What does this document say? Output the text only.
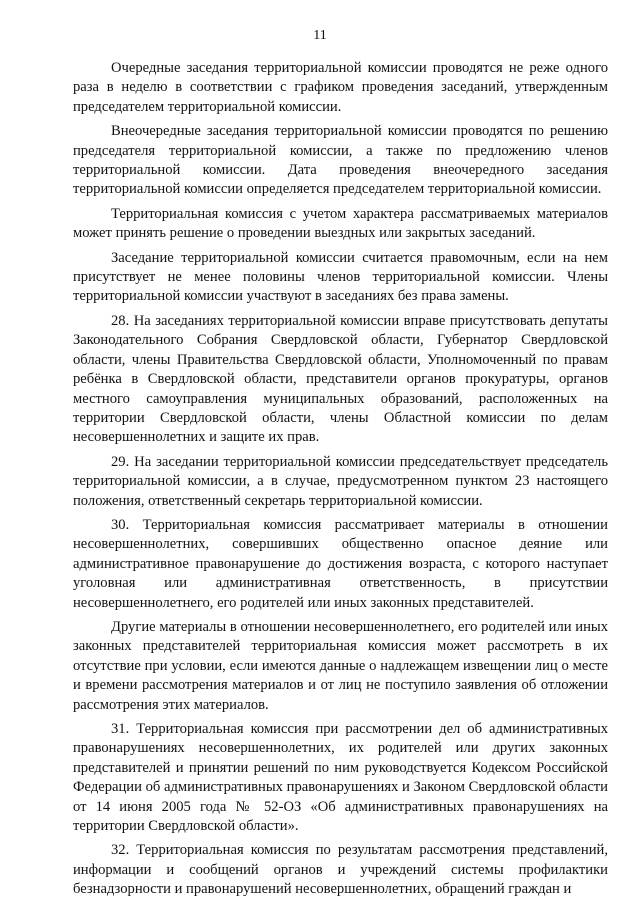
11

Очередные заседания территориальной комиссии проводятся не реже одного раза в неделю в соответствии с графиком проведения заседаний, утвержденным председателем территориальной комиссии.

Внеочередные заседания территориальной комиссии проводятся по решению председателя территориальной комиссии, а также по предложению членов территориальной комиссии. Дата проведения внеочередного заседания территориальной комиссии определяется председателем территориальной комиссии.

Территориальная комиссия с учетом характера рассматриваемых материалов может принять решение о проведении выездных или закрытых заседаний.

Заседание территориальной комиссии считается правомочным, если на нем присутствует не менее половины членов территориальной комиссии. Члены территориальной комиссии участвуют в заседаниях без права замены.

28. На заседаниях территориальной комиссии вправе присутствовать депутаты Законодательного Собрания Свердловской области, Губернатор Свердловской области, члены Правительства Свердловской области, Уполномоченный по правам ребёнка в Свердловской области, представители органов прокуратуры, органов местного самоуправления муниципальных образований, расположенных на территории Свердловской области, члены Областной комиссии по делам несовершеннолетних и защите их прав.

29. На заседании территориальной комиссии председательствует председатель территориальной комиссии, а в случае, предусмотренном пунктом 23 настоящего положения, ответственный секретарь территориальной комиссии.

30. Территориальная комиссия рассматривает материалы в отношении несовершеннолетних, совершивших общественно опасное деяние или административное правонарушение до достижения возраста, с которого наступает уголовная или административная ответственность, в присутствии несовершеннолетнего, его родителей или иных законных представителей.

Другие материалы в отношении несовершеннолетнего, его родителей или иных законных представителей территориальная комиссия может рассмотреть в их отсутствие при условии, если имеются данные о надлежащем извещении лиц о месте и времени рассмотрения материалов и от лиц не поступило заявления об отложении рассмотрения этих материалов.

31. Территориальная комиссия при рассмотрении дел об административных правонарушениях несовершеннолетних, их родителей или других законных представителей и принятии решений по ним руководствуется Кодексом Российской Федерации об административных правонарушениях и Законом Свердловской области от 14 июня 2005 года № 52-ОЗ «Об административных правонарушениях на территории Свердловской области».

32. Территориальная комиссия по результатам рассмотрения представлений, информации и сообщений органов и учреждений системы профилактики безнадзорности и правонарушений несовершеннолетних, обращений граждан и
